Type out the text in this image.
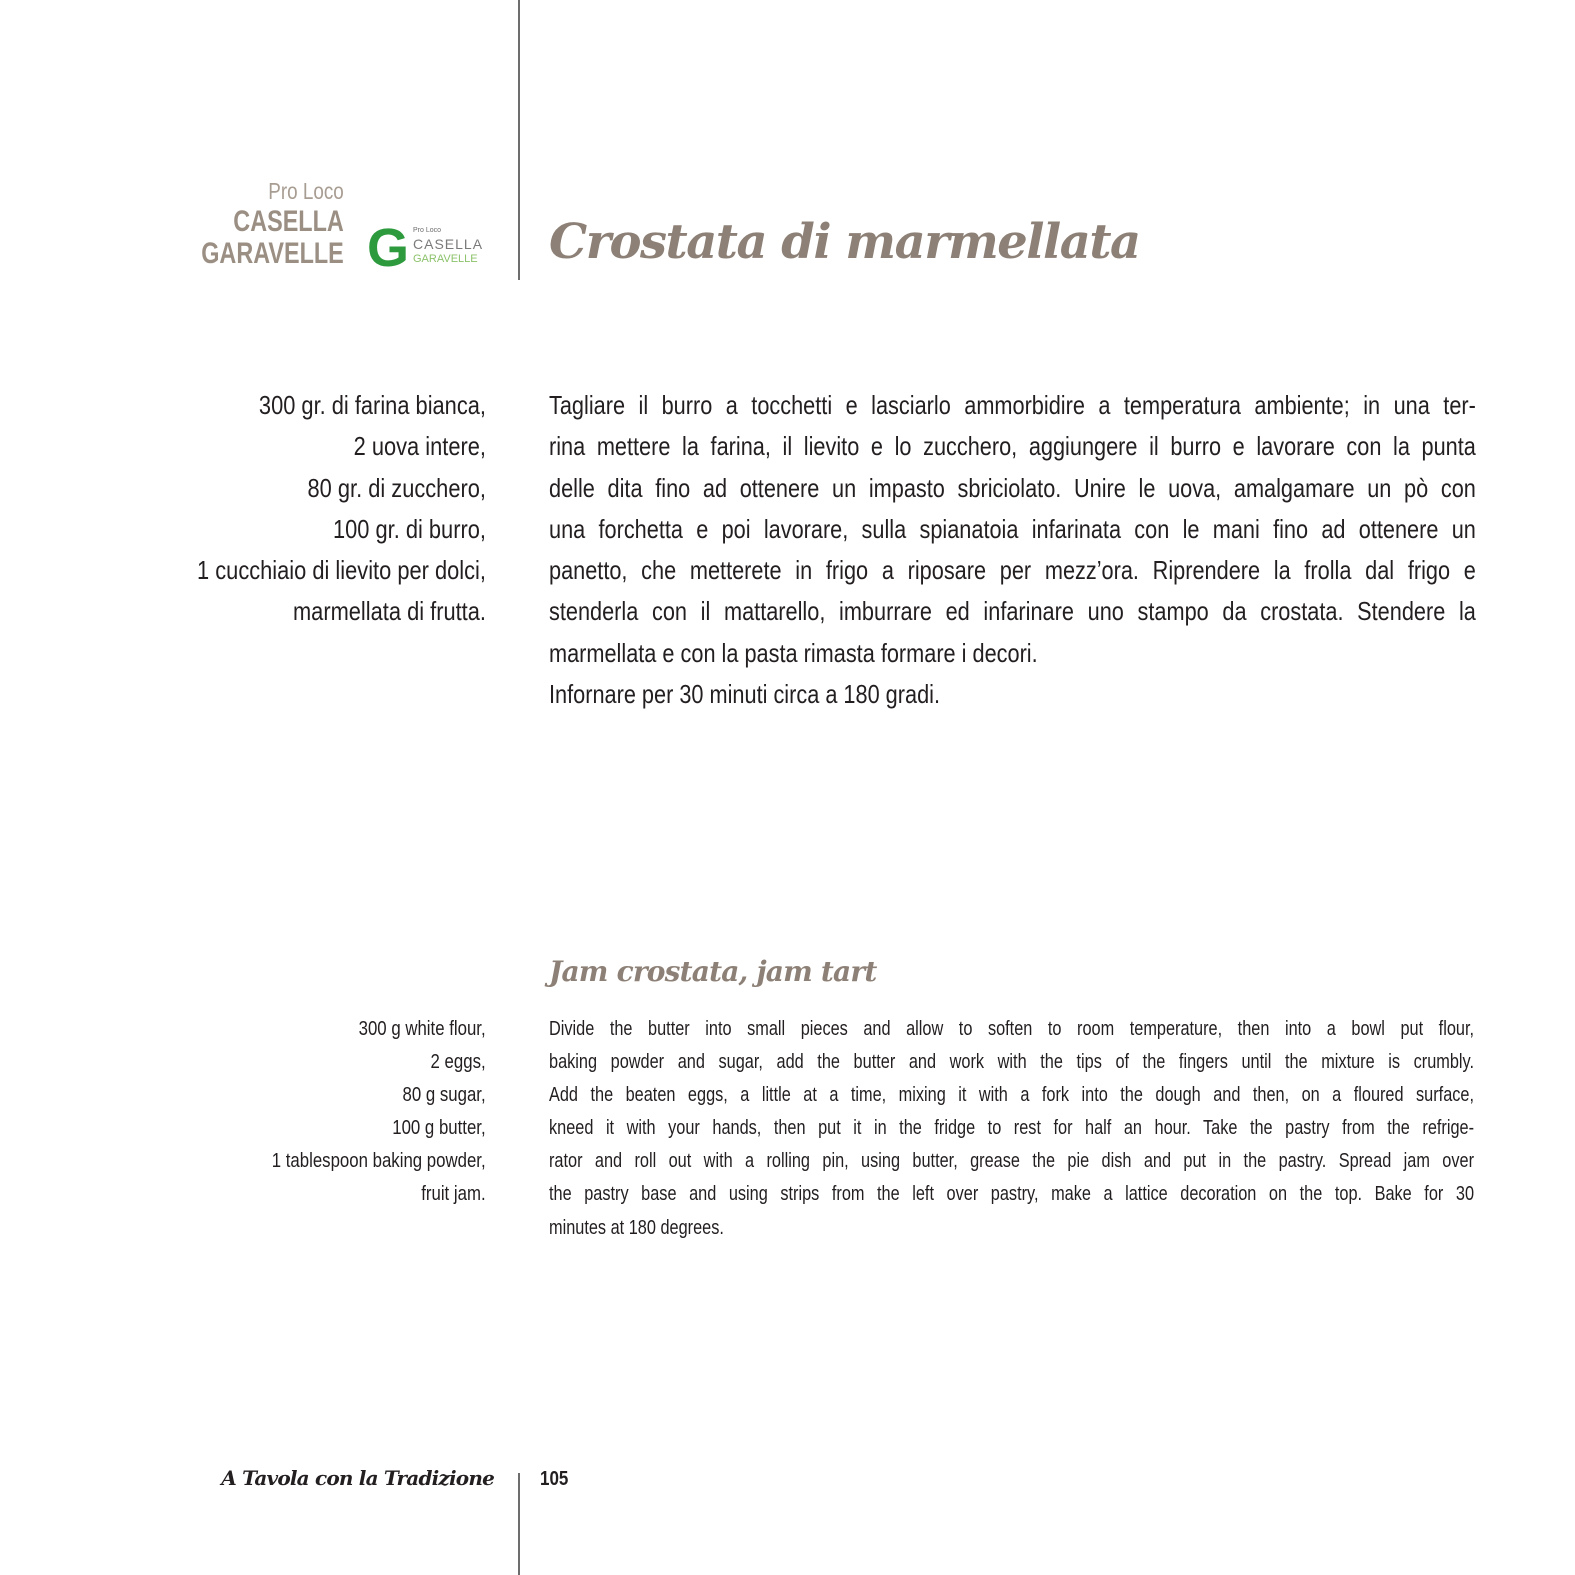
Pro Loco
CASELLA
GARAVELLE G Pro Loco
CASELLA
GARAVELLE Crostata di marmellata
300 gr. di farina bianca,
2 uova intere,
80 gr. di zucchero,
100 gr. di burro,
1 cucchiaio di lievito per dolci,
marmellata di frutta.
Tagliare il burro a tocchetti e lasciarlo ammorbidire a temperatura ambiente; in una ter-
rina mettere la farina, il lievito e lo zucchero, aggiungere il burro e lavorare con la punta
delle dita fino ad ottenere un impasto sbriciolato. Unire le uova, amalgamare un pò con
una forchetta e poi lavorare, sulla spianatoia infarinata con le mani fino ad ottenere un
panetto, che metterete in frigo a riposare per mezz’ora. Riprendere la frolla dal frigo e
stenderla con il mattarello, imburrare ed infarinare uno stampo da crostata. Stendere la
marmellata e con la pasta rimasta formare i decori.
Infornare per 30 minuti circa a 180 gradi.
Jam crostata, jam tart
300 g white flour,
2 eggs,
80 g sugar,
100 g butter,
1 tablespoon baking powder,
fruit jam.
Divide the butter into small pieces and allow to soften to room temperature, then into a bowl put flour,
baking powder and sugar, add the butter and work with the tips of the fingers until the mixture is crumbly.
Add the beaten eggs, a little at a time, mixing it with a fork into the dough and then, on a floured surface,
kneed it with your hands, then put it in the fridge to rest for half an hour. Take the pastry from the refrige-
rator and roll out with a rolling pin, using butter, grease the pie dish and put in the pastry. Spread jam over
the pastry base and using strips from the left over pastry, make a lattice decoration on the top. Bake for 30
minutes at 180 degrees.
A Tavola con la Tradizione 105
